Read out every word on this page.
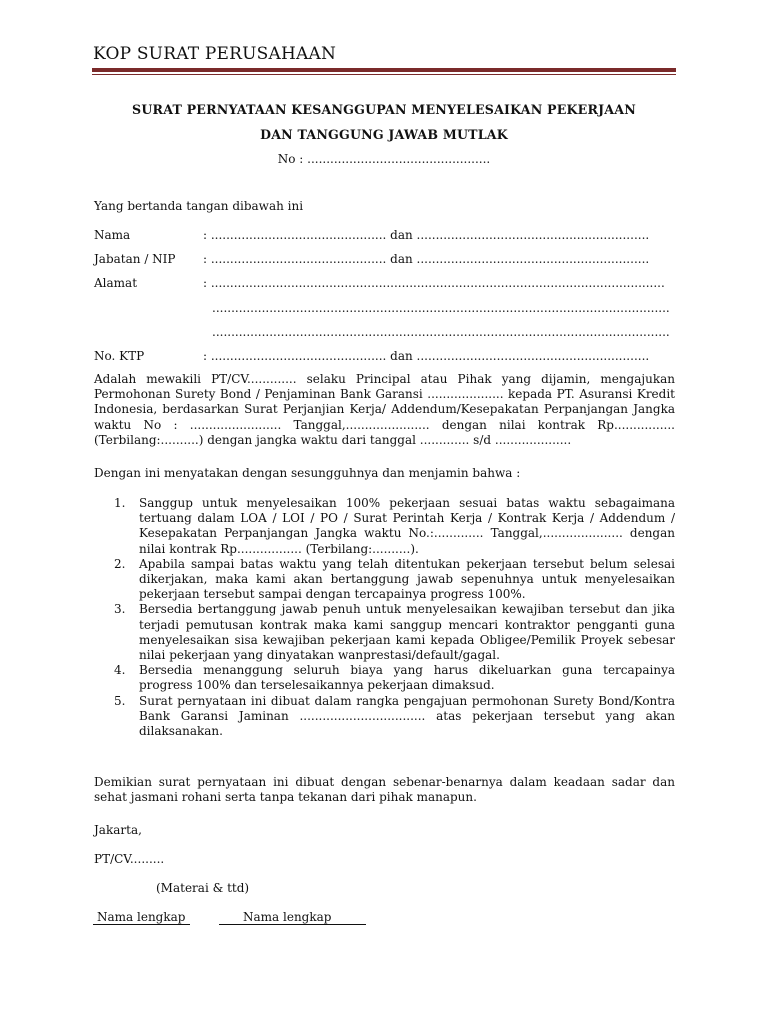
KOP SURAT PERUSAHAAN
SURAT PERNYATAAN KESANGGUPAN MENYELESAIKAN PEKERJAAN
DAN TANGGUNG JAWAB MUTLAK
No : ................................................
Yang bertanda tangan dibawah ini
Nama	: .............................................. dan .............................................................
Jabatan / NIP : .............................................. dan .............................................................
Alamat	: .......................................................................................................................
........................................................................................................................
........................................................................................................................
No. KTP	: .............................................. dan .............................................................
Adalah mewakili PT/CV............. selaku Principal atau Pihak yang dijamin, mengajukan Permohonan Surety Bond / Penjaminan Bank Garansi .................... kepada PT. Asuransi Kredit Indonesia, berdasarkan Surat Perjanjian Kerja/ Addendum/Kesepakatan Perpanjangan Jangka waktu No : ........................ Tanggal,...................... dengan nilai kontrak Rp................ (Terbilang:..........) dengan jangka waktu dari tanggal ............. s/d ....................
Dengan ini menyatakan dengan sesungguhnya dan menjamin bahwa :
1. Sanggup untuk menyelesaikan 100% pekerjaan sesuai batas waktu sebagaimana tertuang dalam LOA / LOI / PO / Surat Perintah Kerja / Kontrak Kerja / Addendum / Kesepakatan Perpanjangan Jangka waktu No.:............. Tanggal,..................... dengan nilai kontrak Rp................. (Terbilang:..........).
2. Apabila sampai batas waktu yang telah ditentukan pekerjaan tersebut belum selesai dikerjakan, maka kami akan bertanggung jawab sepenuhnya untuk menyelesaikan pekerjaan tersebut sampai dengan tercapainya progress 100%.
3. Bersedia bertanggung jawab penuh untuk menyelesaikan kewajiban tersebut dan jika terjadi pemutusan kontrak maka kami sanggup mencari kontraktor pengganti guna menyelesaikan sisa kewajiban pekerjaan kami kepada Obligee/Pemilik Proyek sebesar nilai pekerjaan yang dinyatakan wanprestasi/default/gagal.
4. Bersedia menanggung seluruh biaya yang harus dikeluarkan guna tercapainya progress 100% dan terselesaikannya pekerjaan dimaksud.
5. Surat pernyataan ini dibuat dalam rangka pengajuan permohonan Surety Bond/Kontra Bank Garansi Jaminan ................................. atas pekerjaan tersebut yang akan dilaksanakan.
Demikian surat pernyataan ini dibuat dengan sebenar-benarnya dalam keadaan sadar dan sehat jasmani rohani serta tanpa tekanan dari pihak manapun.
Jakarta,
PT/CV.........
(Materai & ttd)
Nama lengkap	Nama lengkap
